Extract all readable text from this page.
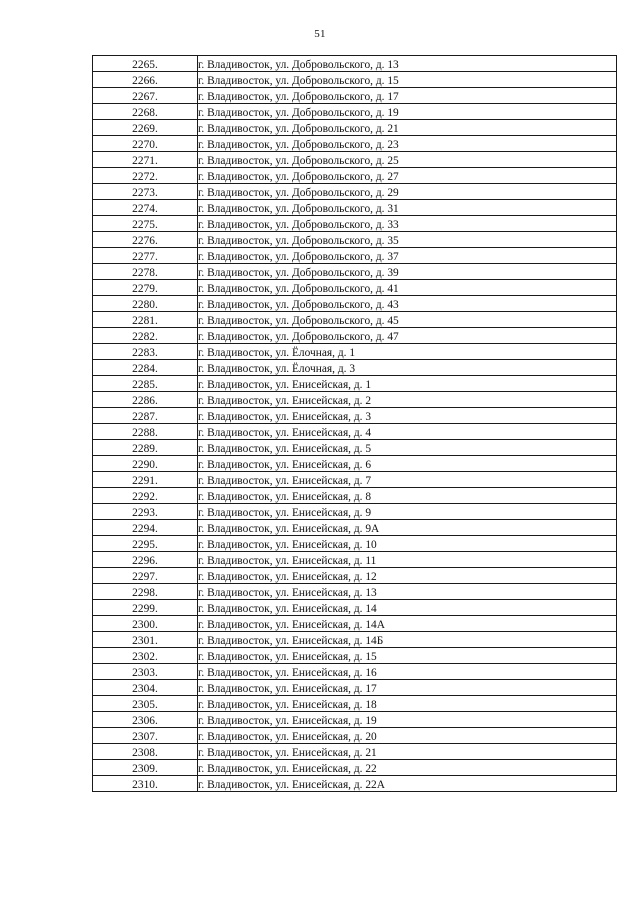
51
2265.	г. Владивосток, ул. Добровольского, д. 13
2266.	г. Владивосток, ул. Добровольского, д. 15
2267.	г. Владивосток, ул. Добровольского, д. 17
2268.	г. Владивосток, ул. Добровольского, д. 19
2269.	г. Владивосток, ул. Добровольского, д. 21
2270.	г. Владивосток, ул. Добровольского, д. 23
2271.	г. Владивосток, ул. Добровольского, д. 25
2272.	г. Владивосток, ул. Добровольского, д. 27
2273.	г. Владивосток, ул. Добровольского, д. 29
2274.	г. Владивосток, ул. Добровольского, д. 31
2275.	г. Владивосток, ул. Добровольского, д. 33
2276.	г. Владивосток, ул. Добровольского, д. 35
2277.	г. Владивосток, ул. Добровольского, д. 37
2278.	г. Владивосток, ул. Добровольского, д. 39
2279.	г. Владивосток, ул. Добровольского, д. 41
2280.	г. Владивосток, ул. Добровольского, д. 43
2281.	г. Владивосток, ул. Добровольского, д. 45
2282.	г. Владивосток, ул. Добровольского, д. 47
2283.	г. Владивосток, ул. Ёлочная, д. 1
2284.	г. Владивосток, ул. Ёлочная, д. 3
2285.	г. Владивосток, ул. Енисейская, д. 1
2286.	г. Владивосток, ул. Енисейская, д. 2
2287.	г. Владивосток, ул. Енисейская, д. 3
2288.	г. Владивосток, ул. Енисейская, д. 4
2289.	г. Владивосток, ул. Енисейская, д. 5
2290.	г. Владивосток, ул. Енисейская, д. 6
2291.	г. Владивосток, ул. Енисейская, д. 7
2292.	г. Владивосток, ул. Енисейская, д. 8
2293.	г. Владивосток, ул. Енисейская, д. 9
2294.	г. Владивосток, ул. Енисейская, д. 9А
2295.	г. Владивосток, ул. Енисейская, д. 10
2296.	г. Владивосток, ул. Енисейская, д. 11
2297.	г. Владивосток, ул. Енисейская, д. 12
2298.	г. Владивосток, ул. Енисейская, д. 13
2299.	г. Владивосток, ул. Енисейская, д. 14
2300.	г. Владивосток, ул. Енисейская, д. 14А
2301.	г. Владивосток, ул. Енисейская, д. 14Б
2302.	г. Владивосток, ул. Енисейская, д. 15
2303.	г. Владивосток, ул. Енисейская, д. 16
2304.	г. Владивосток, ул. Енисейская, д. 17
2305.	г. Владивосток, ул. Енисейская, д. 18
2306.	г. Владивосток, ул. Енисейская, д. 19
2307.	г. Владивосток, ул. Енисейская, д. 20
2308.	г. Владивосток, ул. Енисейская, д. 21
2309.	г. Владивосток, ул. Енисейская, д. 22
2310.	г. Владивосток, ул. Енисейская, д. 22А
